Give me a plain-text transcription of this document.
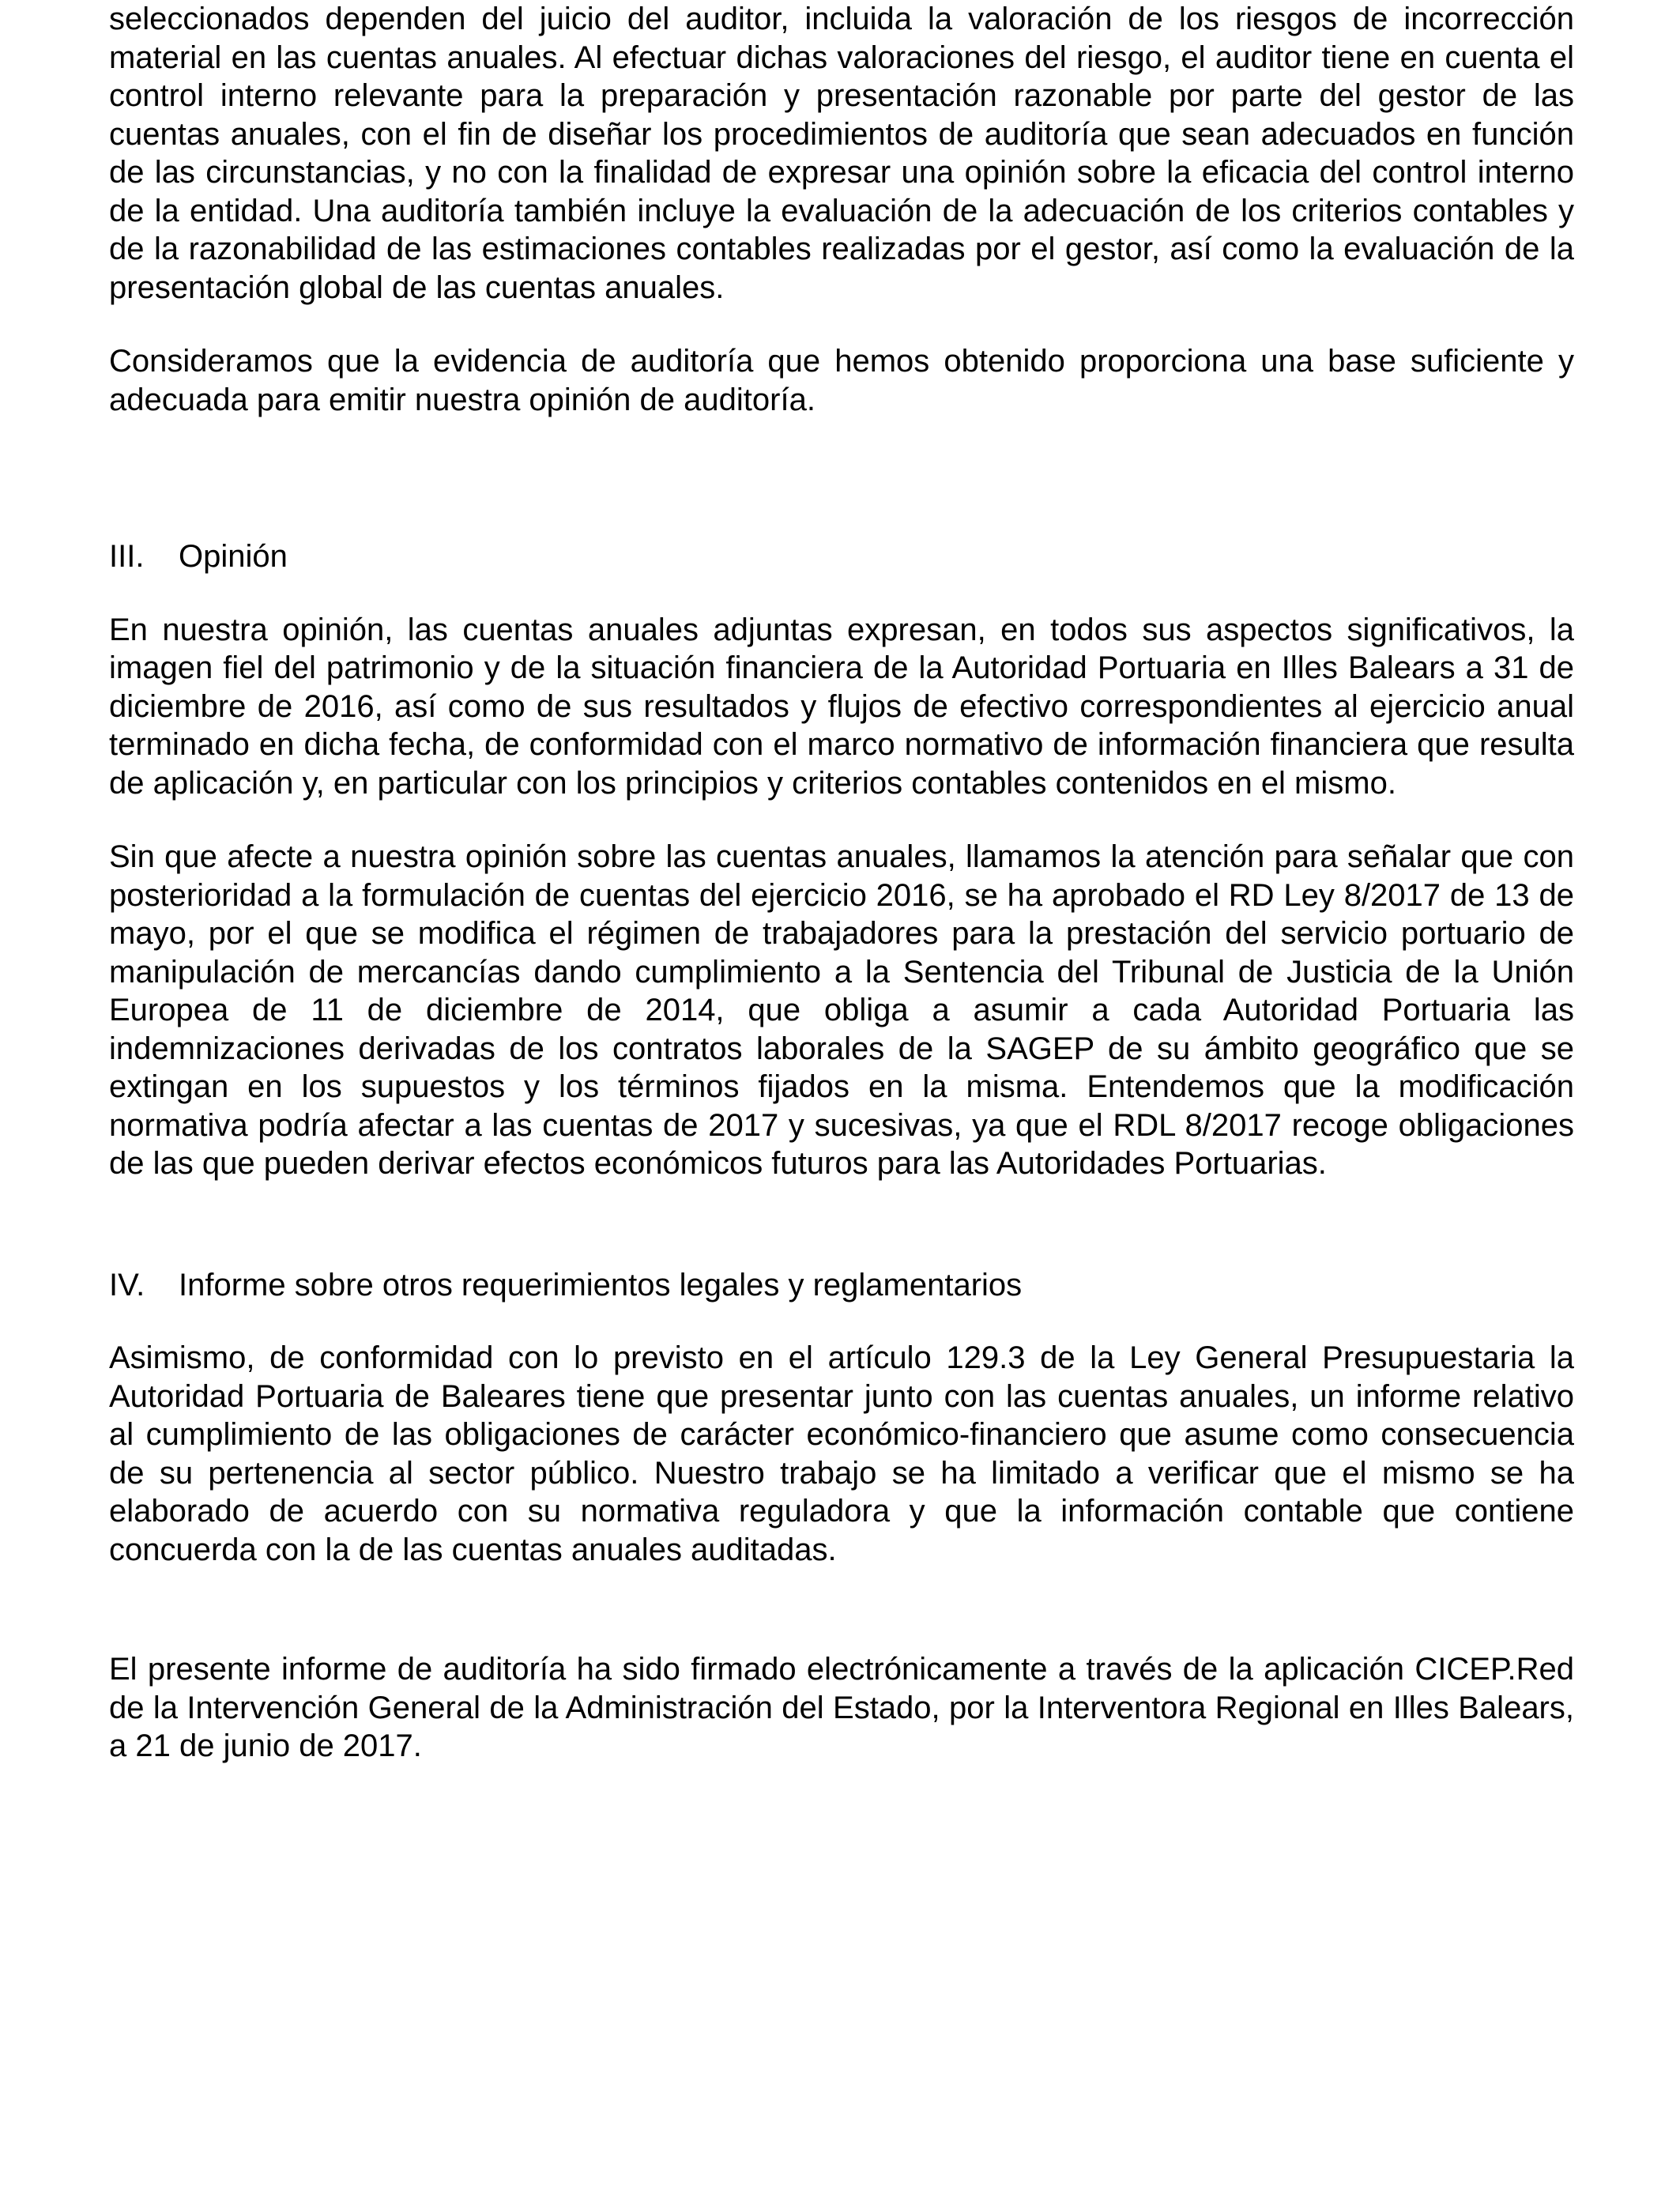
seleccionados dependen del juicio del auditor, incluida la valoración de los riesgos de incorrección material en las cuentas anuales. Al efectuar dichas valoraciones del riesgo, el auditor tiene en cuenta el control interno relevante para la preparación y presentación razonable por parte del gestor de las cuentas anuales, con el fin de diseñar los procedimientos de auditoría que sean adecuados en función de las circunstancias, y no con la finalidad de expresar una opinión sobre la eficacia del control interno de la entidad. Una auditoría también incluye la evaluación de la adecuación de los criterios contables y de la razonabilidad de las estimaciones contables realizadas por el gestor, así como la evaluación de la presentación global de las cuentas anuales.

Consideramos que la evidencia de auditoría que hemos obtenido proporciona una base suficiente y adecuada para emitir nuestra opinión de auditoría.

III.	Opinión

En nuestra opinión, las cuentas anuales adjuntas expresan, en todos sus aspectos significativos, la imagen fiel del patrimonio y de la situación financiera de la Autoridad Portuaria en Illes Balears a 31 de diciembre de 2016, así como de sus resultados y flujos de efectivo correspondientes al ejercicio anual terminado en dicha fecha, de conformidad con el marco normativo de información financiera que resulta de aplicación y, en particular con los principios y criterios contables contenidos en el mismo.

Sin que afecte a nuestra opinión sobre las cuentas anuales, llamamos la atención para señalar que con posterioridad a la formulación de cuentas del ejercicio 2016, se ha aprobado el RD Ley 8/2017 de 13 de mayo, por el que se modifica el régimen de trabajadores para la prestación del servicio portuario de manipulación de mercancías dando cumplimiento a la Sentencia del Tribunal de Justicia de la Unión Europea de 11 de diciembre de 2014, que obliga a asumir a cada Autoridad Portuaria las indemnizaciones derivadas de los contratos laborales de la SAGEP de su ámbito geográfico que se extingan en los supuestos y los términos fijados en la misma. Entendemos que la modificación normativa podría afectar a las cuentas de 2017 y sucesivas, ya que el RDL 8/2017 recoge obligaciones de las que pueden derivar efectos económicos futuros para las Autoridades Portuarias.

IV.	Informe sobre otros requerimientos legales y reglamentarios

Asimismo, de conformidad con lo previsto en el artículo 129.3 de la Ley General Presupuestaria la Autoridad Portuaria de Baleares tiene que presentar junto con las cuentas anuales, un informe relativo al cumplimiento de las obligaciones de carácter económico-financiero que asume como consecuencia de su pertenencia al sector público. Nuestro trabajo se ha limitado a verificar que el mismo se ha elaborado de acuerdo con su normativa reguladora y que la información contable que contiene concuerda con la de las cuentas anuales auditadas.

El presente informe de auditoría ha sido firmado electrónicamente a través de la aplicación CICEP.Red de la Intervención General de la Administración del Estado, por la Interventora Regional en Illes Balears, a 21 de junio de 2017.
